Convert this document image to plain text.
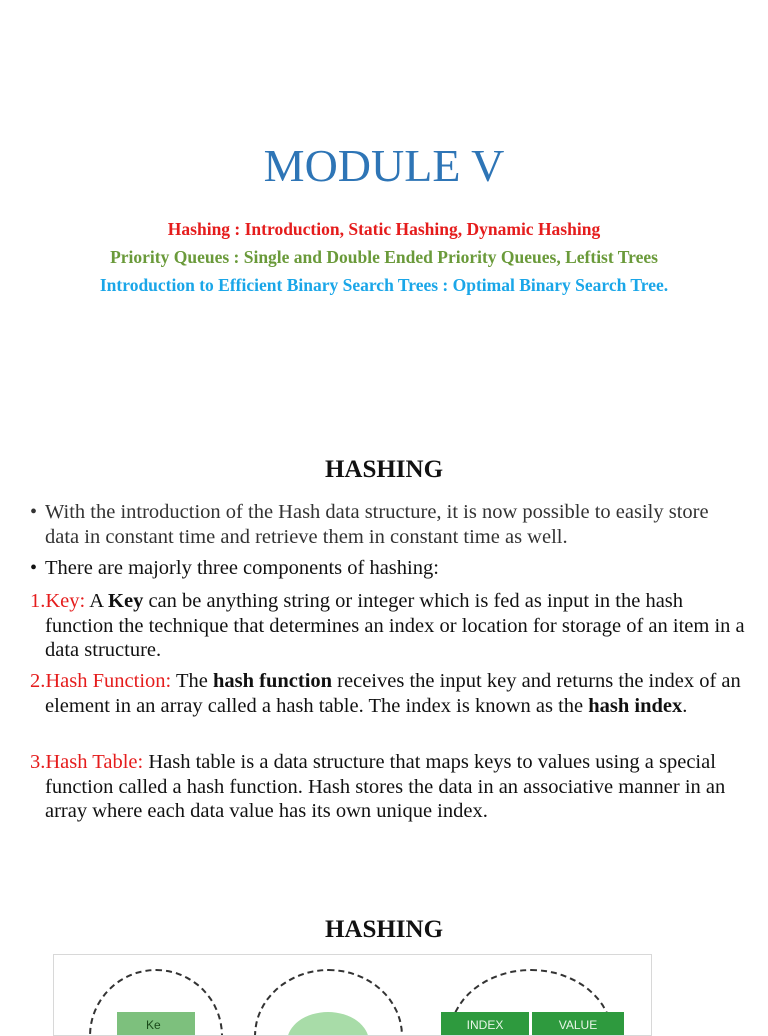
MODULE V

Hashing : Introduction, Static Hashing, Dynamic Hashing

Priority Queues : Single and Double Ended Priority Queues, Leftist Trees

Introduction to Efficient Binary Search Trees : Optimal Binary Search Tree.

HASHING
• With the introduction of the Hash data structure, it is now possible to easily store data in constant time and retrieve them in constant time as well.
• There are majorly three components of hashing:
1.Key: A Key can be anything string or integer which is fed as input in the hash function the technique that determines an index or location for storage of an item in a data structure.
2.Hash Function: The hash function receives the input key and returns the index of an element in an array called a hash table. The index is known as the hash index.
3.Hash Table: Hash table is a data structure that maps keys to values using a special function called a hash function. Hash stores the data in an associative manner in an array where each data value has its own unique index.
HASHING
Ke	INDEX	VALUE
